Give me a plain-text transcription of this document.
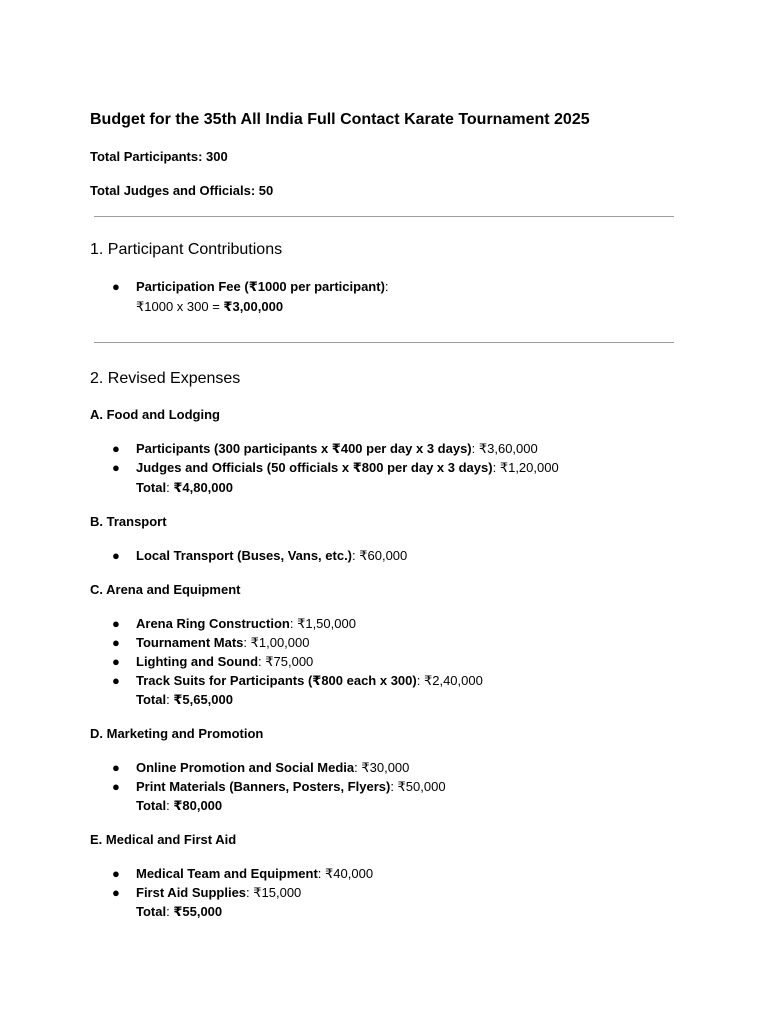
Budget for the 35th All India Full Contact Karate Tournament 2025
Total Participants: 300
Total Judges and Officials: 50
1. Participant Contributions
●	Participation Fee (₹1000 per participant):
₹1000 x 300 = ₹3,00,000
2. Revised Expenses
A. Food and Lodging
●	Participants (300 participants x ₹400 per day x 3 days): ₹3,60,000
●	Judges and Officials (50 officials x ₹800 per day x 3 days): ₹1,20,000
Total: ₹4,80,000
B. Transport
●	Local Transport (Buses, Vans, etc.): ₹60,000
C. Arena and Equipment
●	Arena Ring Construction: ₹1,50,000
●	Tournament Mats: ₹1,00,000
●	Lighting and Sound: ₹75,000
●	Track Suits for Participants (₹800 each x 300): ₹2,40,000
Total: ₹5,65,000
D. Marketing and Promotion
●	Online Promotion and Social Media: ₹30,000
●	Print Materials (Banners, Posters, Flyers): ₹50,000
Total: ₹80,000
E. Medical and First Aid
●	Medical Team and Equipment: ₹40,000
●	First Aid Supplies: ₹15,000
Total: ₹55,000
